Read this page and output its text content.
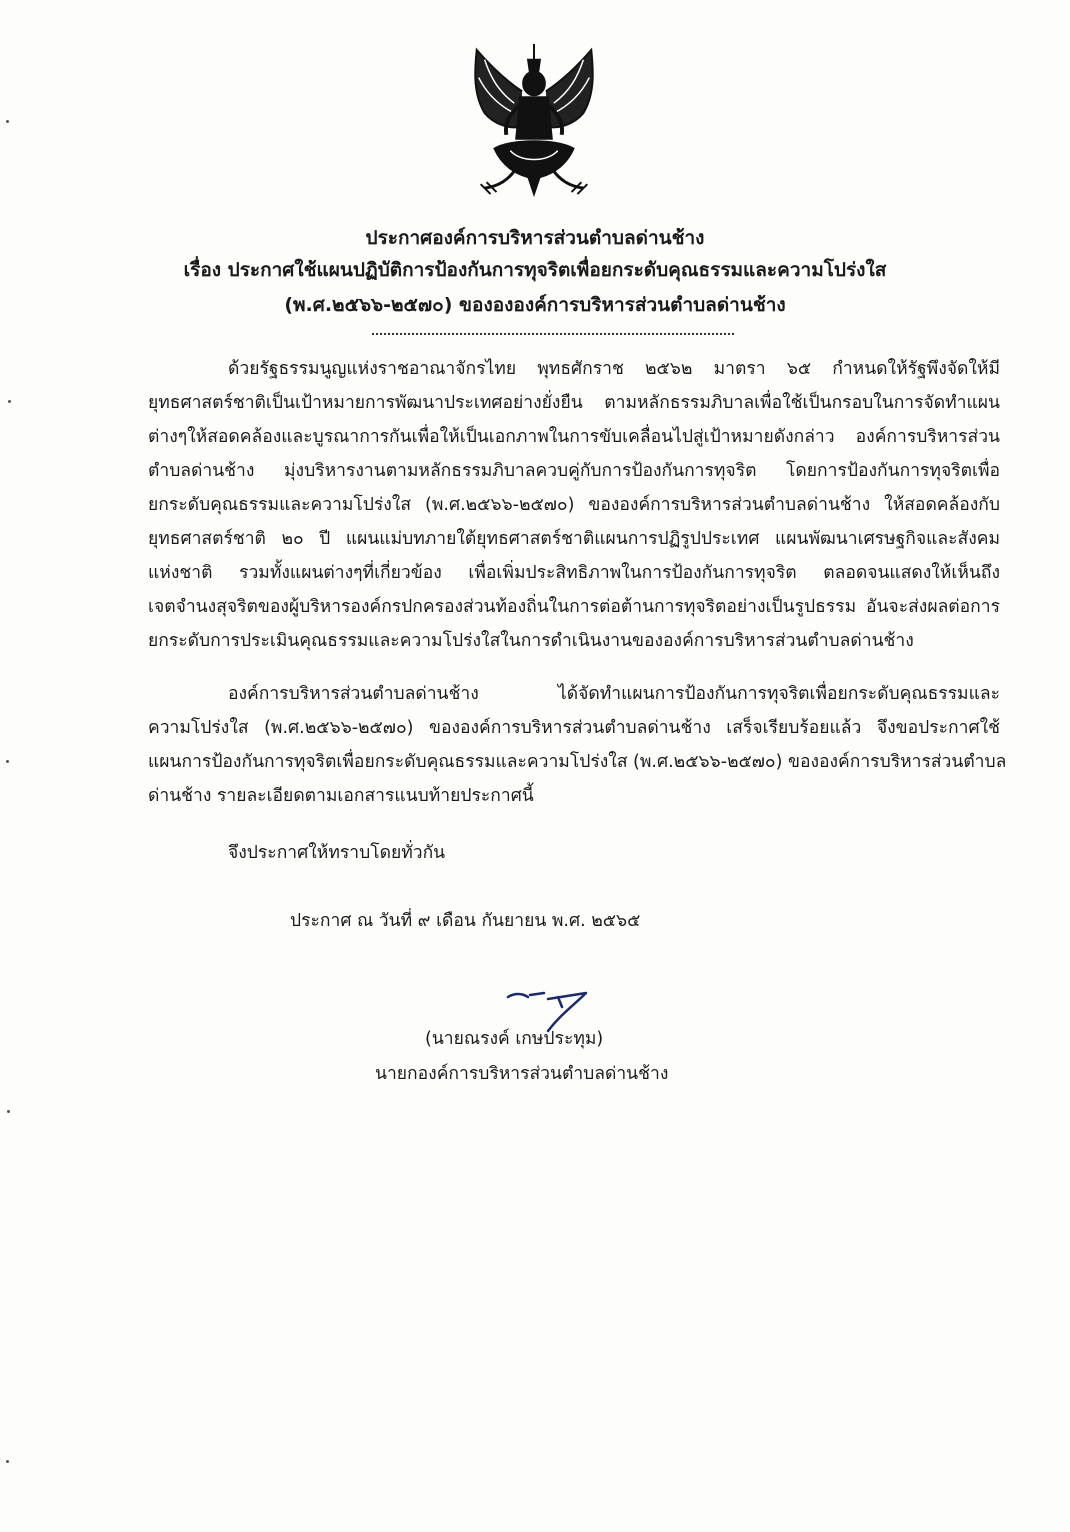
ประกาศองค์การบริหารส่วนตำบลด่านช้าง
เรื่อง ประกาศใช้แผนปฏิบัติการป้องกันการทุจริตเพื่อยกระดับคุณธรรมและความโปร่งใส
(พ.ศ.๒๕๖๖-๒๕๗๐) ของององค์การบริหารส่วนตำบลด่านช้าง
ด้วยรัฐธรรมนูญแห่งราชอาณาจักรไทย พุทธศักราช ๒๕๖๒ มาตรา ๖๕ กำหนดให้รัฐพึงจัดให้มี
ยุทธศาสตร์ชาติเป็นเป้าหมายการพัฒนาประเทศอย่างยั่งยืน ตามหลักธรรมภิบาลเพื่อใช้เป็นกรอบในการจัดทำแผน
ต่างๆให้สอดคล้องและบูรณาการกันเพื่อให้เป็นเอกภาพในการขับเคลื่อนไปสู่เป้าหมายดังกล่าว องค์การบริหารส่วน
ตำบลด่านช้าง มุ่งบริหารงานตามหลักธรรมภิบาลควบคู่กับการป้องกันการทุจริต โดยการป้องกันการทุจริตเพื่อ
ยกระดับคุณธรรมและความโปร่งใส (พ.ศ.๒๕๖๖-๒๕๗๐) ขององค์การบริหารส่วนตำบลด่านช้าง ให้สอดคล้องกับ
ยุทธศาสตร์ชาติ ๒๐ ปี แผนแม่บทภายใต้ยุทธศาสตร์ชาติแผนการปฏิรูปประเทศ แผนพัฒนาเศรษฐกิจและสังคม
แห่งชาติ รวมทั้งแผนต่างๆที่เกี่ยวข้อง เพื่อเพิ่มประสิทธิภาพในการป้องกันการทุจริต ตลอดจนแสดงให้เห็นถึง
เจตจำนงสุจริตของผู้บริหารองค์กรปกครองส่วนท้องถิ่นในการต่อต้านการทุจริตอย่างเป็นรูปธรรม อันจะส่งผลต่อการ
ยกระดับการประเมินคุณธรรมและความโปร่งใสในการดำเนินงานขององค์การบริหารส่วนตำบลด่านช้าง
องค์การบริหารส่วนตำบลด่านช้าง ได้จัดทำแผนการป้องกันการทุจริตเพื่อยกระดับคุณธรรมและ
ความโปร่งใส (พ.ศ.๒๕๖๖-๒๕๗๐) ขององค์การบริหารส่วนตำบลด่านช้าง เสร็จเรียบร้อยแล้ว จึงขอประกาศใช้
แผนการป้องกันการทุจริตเพื่อยกระดับคุณธรรมและความโปร่งใส (พ.ศ.๒๕๖๖-๒๕๗๐) ขององค์การบริหารส่วนตำบล
ด่านช้าง รายละเอียดตามเอกสารแนบท้ายประกาศนี้
จึงประกาศให้ทราบโดยทั่วกัน
ประกาศ ณ วันที่ ๙ เดือน กันยายน พ.ศ. ๒๕๖๕
(นายณรงค์ เกษประทุม)
นายกองค์การบริหารส่วนตำบลด่านช้าง
